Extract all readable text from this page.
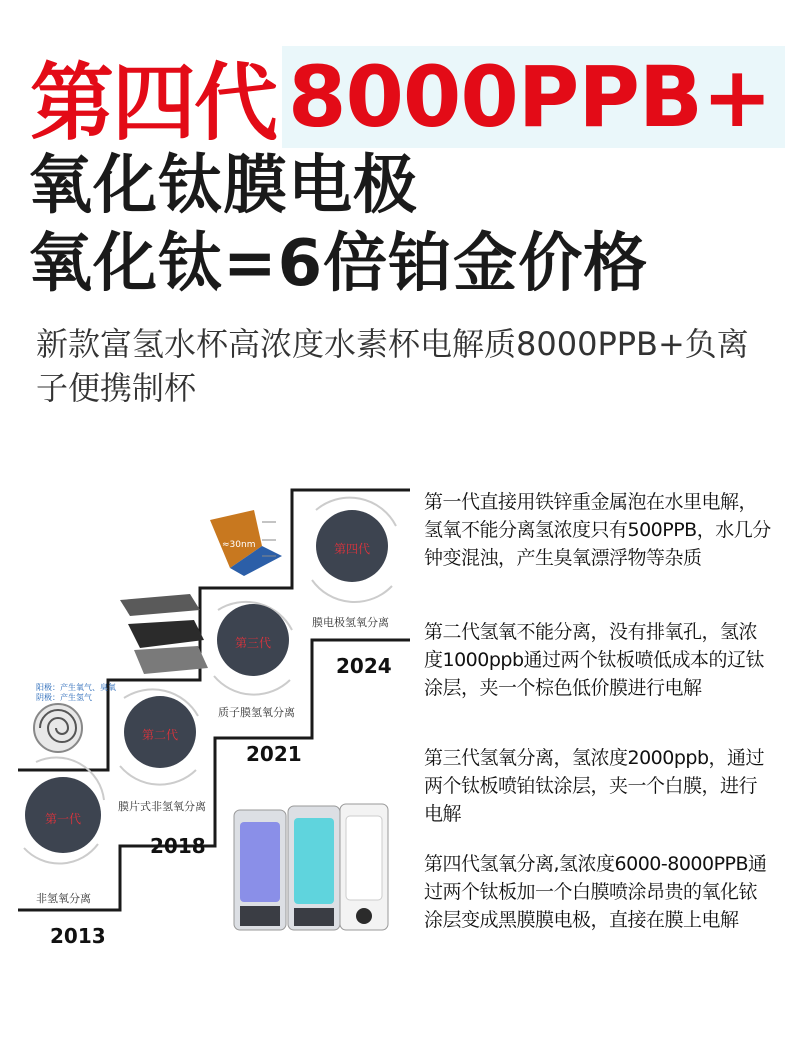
第四代 8000PPB+
氧化钛膜电极
氧化钛=6倍铂金价格
新款富氢水杯高浓度水素杯电解质8000PPB+负离子便携制杯
第一代
第二代
第三代
第四代
非氢氧分离
膜片式非氢氧分离
质子膜氢氧分离
膜电极氢氧分离
阳极：产生氧气、臭氧
阴极：产生氢气
≈30nm
2013
2018
2021
2024
第一代直接用铁锌重金属泡在水里电解，氢氧不能分离氢浓度只有500PPB，水几分钟变混浊，产生臭氧漂浮物等杂质
第二代氢氧不能分离，没有排氧孔，氢浓度1000ppb通过两个钛板喷低成本的辽钛涂层，夹一个棕色低价膜进行电解
第三代氢氧分离，氢浓度2000ppb，通过两个钛板喷铂钛涂层，夹一个白膜，进行电解
第四代氢氧分离,氢浓度6000-8000PPB通过两个钛板加一个白膜喷涂昂贵的氧化铱涂层变成黑膜膜电极，直接在膜上电解
